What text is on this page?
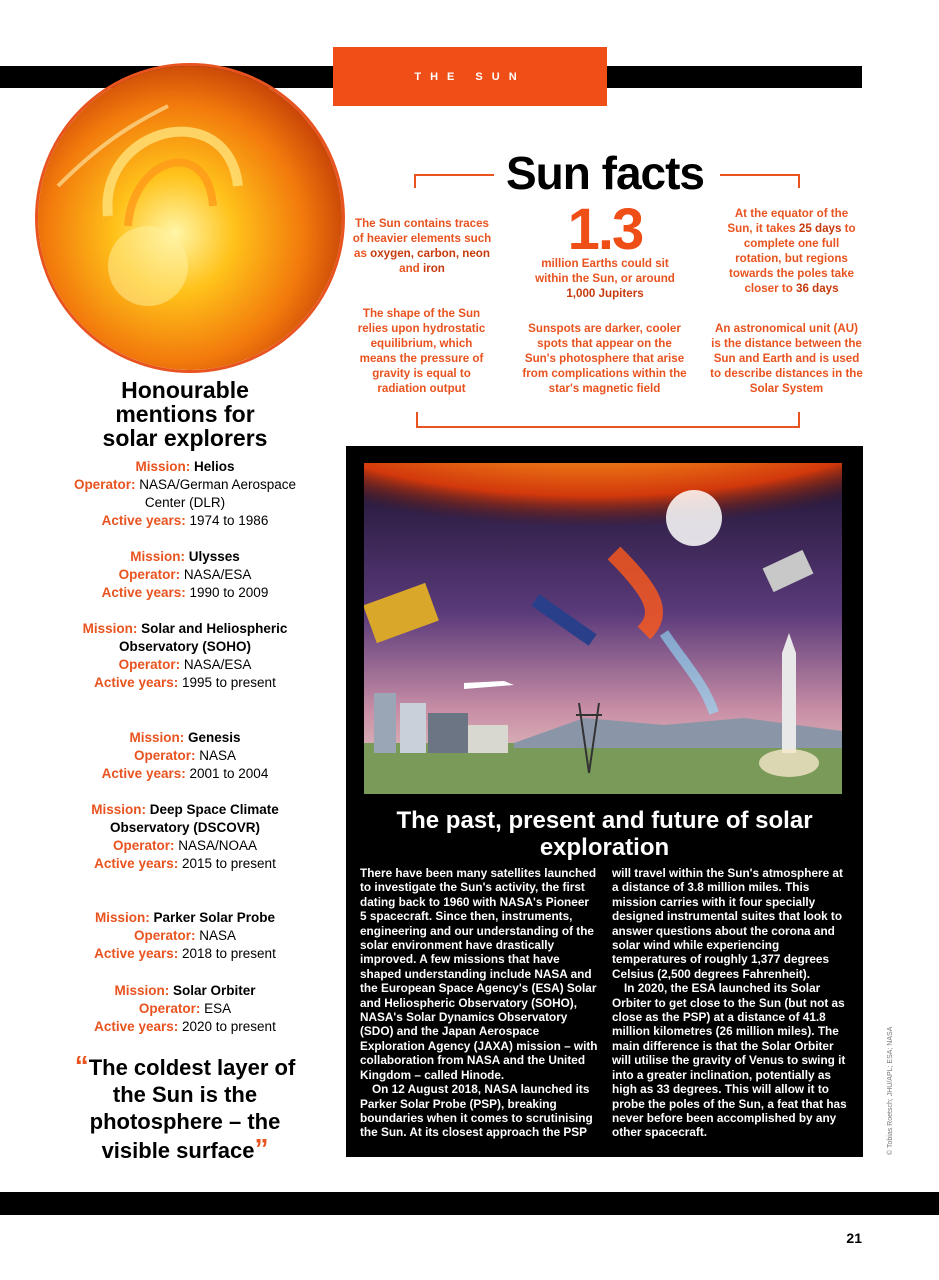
THE SUN
Sun facts
1.3
The Sun contains traces of heavier elements such as oxygen, carbon, neon and iron	million Earths could sit within the Sun, or around 1,000 Jupiters
At the equator of the Sun, it takes 25 days to complete one full rotation, but regions towards the poles take closer to 36 days
The shape of the Sun relies upon hydrostatic equilibrium, which means the pressure of gravity is equal to radiation output
Sunspots are darker, cooler spots that appear on the Sun's photosphere that arise from complications within the star's magnetic field
An astronomical unit (AU) is the distance between the Sun and Earth and is used to describe distances in the Solar System
Honourable mentions for solar explorers
Mission: Helios
Operator: NASA/German Aerospace Center (DLR)
Active years: 1974 to 1986
Mission: Ulysses
Operator: NASA/ESA
Active years: 1990 to 2009
Mission: Solar and Heliospheric Observatory (SOHO)
Operator: NASA/ESA
Active years: 1995 to present
Mission: Genesis
Operator: NASA
Active years: 2001 to 2004
Mission: Deep Space Climate Observatory (DSCOVR)
Operator: NASA/NOAA
Active years: 2015 to present
Mission: Parker Solar Probe
Operator: NASA
Active years: 2018 to present
Mission: Solar Orbiter
Operator: ESA
Active years: 2020 to present
“The coldest layer of the Sun is the photosphere – the visible surface”
The past, present and future of solar exploration

There have been many satellites launched to investigate the Sun's activity, the first dating back to 1960 with NASA's Pioneer 5 spacecraft. Since then, instruments, engineering and our understanding of the solar environment have drastically improved. A few missions that have shaped understanding include NASA and the European Space Agency's (ESA) Solar and Heliospheric Observatory (SOHO), NASA's Solar Dynamics Observatory (SDO) and the Japan Aerospace Exploration Agency (JAXA) mission – with collaboration from NASA and the United Kingdom – called Hinode.

On 12 August 2018, NASA launched its Parker Solar Probe (PSP), breaking boundaries when it comes to scrutinising the Sun. At its closest approach the PSP

will travel within the Sun's atmosphere at a distance of 3.8 million miles. This mission carries with it four specially designed instrumental suites that look to answer questions about the corona and solar wind while experiencing temperatures of roughly 1,377 degrees Celsius (2,500 degrees Fahrenheit).

In 2020, the ESA launched its Solar Orbiter to get close to the Sun (but not as close as the PSP) at a distance of 41.8 million kilometres (26 million miles). The main difference is that the Solar Orbiter will utilise the gravity of Venus to swing it into a greater inclination, potentially as high as 33 degrees. This will allow it to probe the poles of the Sun, a feat that has never before been accomplished by any other spacecraft.	© Tobias Roetsch; JHU/APL; ESA; NASA
21
